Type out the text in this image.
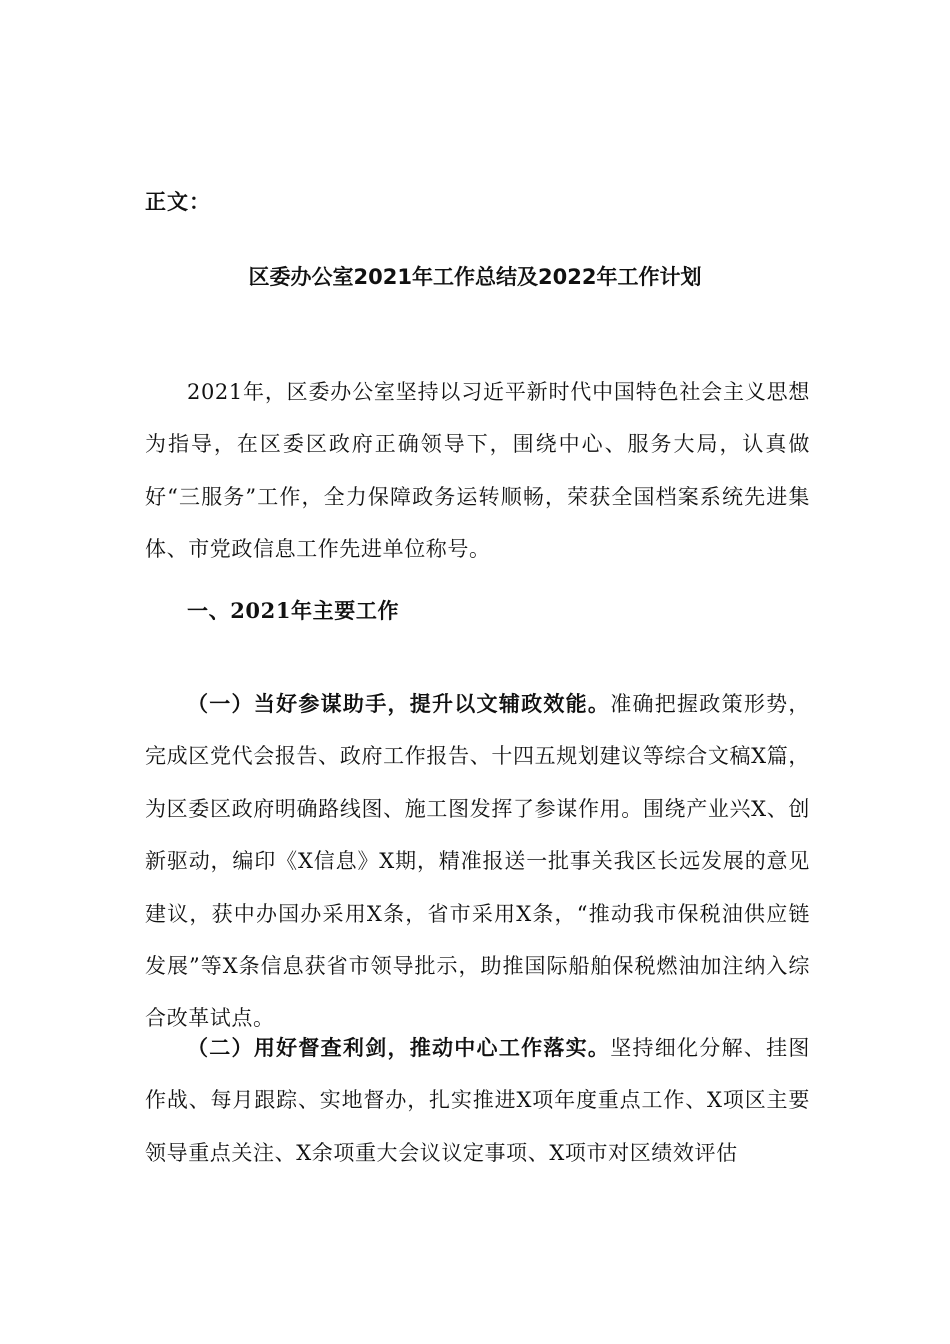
正文：

区委办公室2021年工作总结及2022年工作计划

2021年，区委办公室坚持以习近平新时代中国特色社会主义思想为指导，在区委区政府正确领导下，围绕中心、服务大局，认真做好“三服务”工作，全力保障政务运转顺畅，荣获全国档案系统先进集体、市党政信息工作先进单位称号。

一、2021年主要工作

（一）当好参谋助手，提升以文辅政效能。准确把握政策形势，完成区党代会报告、政府工作报告、十四五规划建议等综合文稿X篇，为区委区政府明确路线图、施工图发挥了参谋作用。围绕产业兴X、创新驱动，编印《X信息》X期，精准报送一批事关我区长远发展的意见建议，获中办国办采用X条，省市采用X条，“推动我市保税油供应链发展”等X条信息获省市领导批示，助推国际船舶保税燃油加注纳入综合改革试点。

（二）用好督查利剑，推动中心工作落实。坚持细化分解、挂图作战、每月跟踪、实地督办，扎实推进X项年度重点工作、X项区主要领导重点关注、X余项重大会议议定事项、X项市对区绩效评估
